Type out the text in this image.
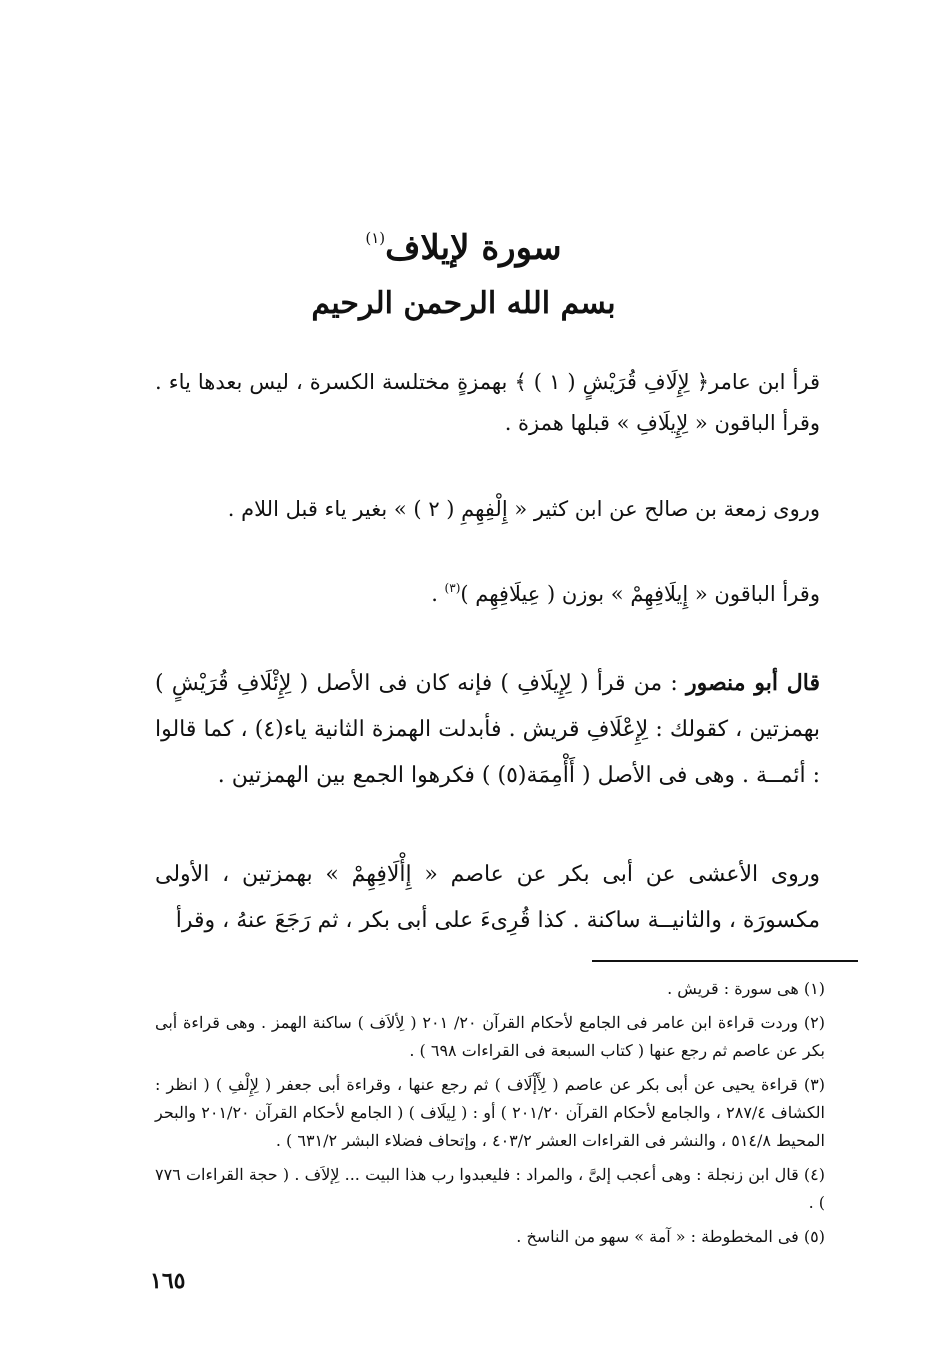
سورة لإيلاف$^{(١)}$
بسم الله الرحمن الرحيم
قرأ ابن عامر﴿ لِإِلَافِ قُرَيْشٍ ( ١ ) ﴾ بهمزةٍ مختلسة الكسرة ، ليس بعدها ياء . وقرأ الباقون « لِإِيلَافِ » قبلها همزة .
وروى زمعة بن صالح عن ابن كثير « إِلْفِهِمِ ( ٢ ) » بغير ياء قبل اللام .
وقرأ الباقون « إِيلَافِهِمْ » بوزن ( عِيلَافِهِم )$^{(٣)}$ .
قال أبو منصور : من قرأ ( لِإِيلَافِ ) فإنه كان فى الأصل ( لِإِئْلَافِ قُرَيْشٍ ) بهمزتين ، كقولك : لِإِعْلَافِ قريش . فأبدلت الهمزة الثانية ياء(٤) ، كما قالوا : أئمــة . وهى فى الأصل ( أَأْمِمَة(٥) ) فكرهوا الجمع بين الهمزتين .
وروى الأعشى عن أبى بكر عن عاصم « إِأْلَافِهِمْ » بهمزتين ، الأولى مكسورَة ، والثانيــة ساكنة . كذا قُرِىءَ على أبى بكر ، ثم رَجَعَ عنهُ ، وقرأ
(١) هى سورة : قريش .
(٢) وردت قراءة ابن عامر فى الجامع لأحكام القرآن ٢٠/ ٢٠١ ( لِألاَف ) ساكنة الهمز . وهى قراءة أبى بكر عن عاصم ثم رجع عنها ( كتاب السبعة فى القراءات ٦٩٨ ) .
(٣) قراءة يحيى عن أبى بكر عن عاصم ( لِأَإْلَاف ) ثم رجع عنها ، وقراءة أبى جعفر ( لِإِلْفِ ) ( انظر : الكشاف ٢٨٧/٤ ، والجامع لأحكام القرآن ٢٠١/٢٠ ) أو : ( لِيلَاف ) ( الجامع لأحكام القرآن ٢٠١/٢٠ والبحر المحيط ٥١٤/٨ ، والنشر فى القراءات العشر ٤٠٣/٢ ، وإتحاف فضلاء البشر ٦٣١/٢ ) .
(٤) قال ابن زنجلة : وهى أعجب إلىَّ ، والمراد : فليعبدوا رب هذا البيت ... لِإلاَف . ( حجة القراءات ٧٧٦ ) .
(٥) فى المخطوطة : « آمة » سهو من الناسخ .
١٦٥
